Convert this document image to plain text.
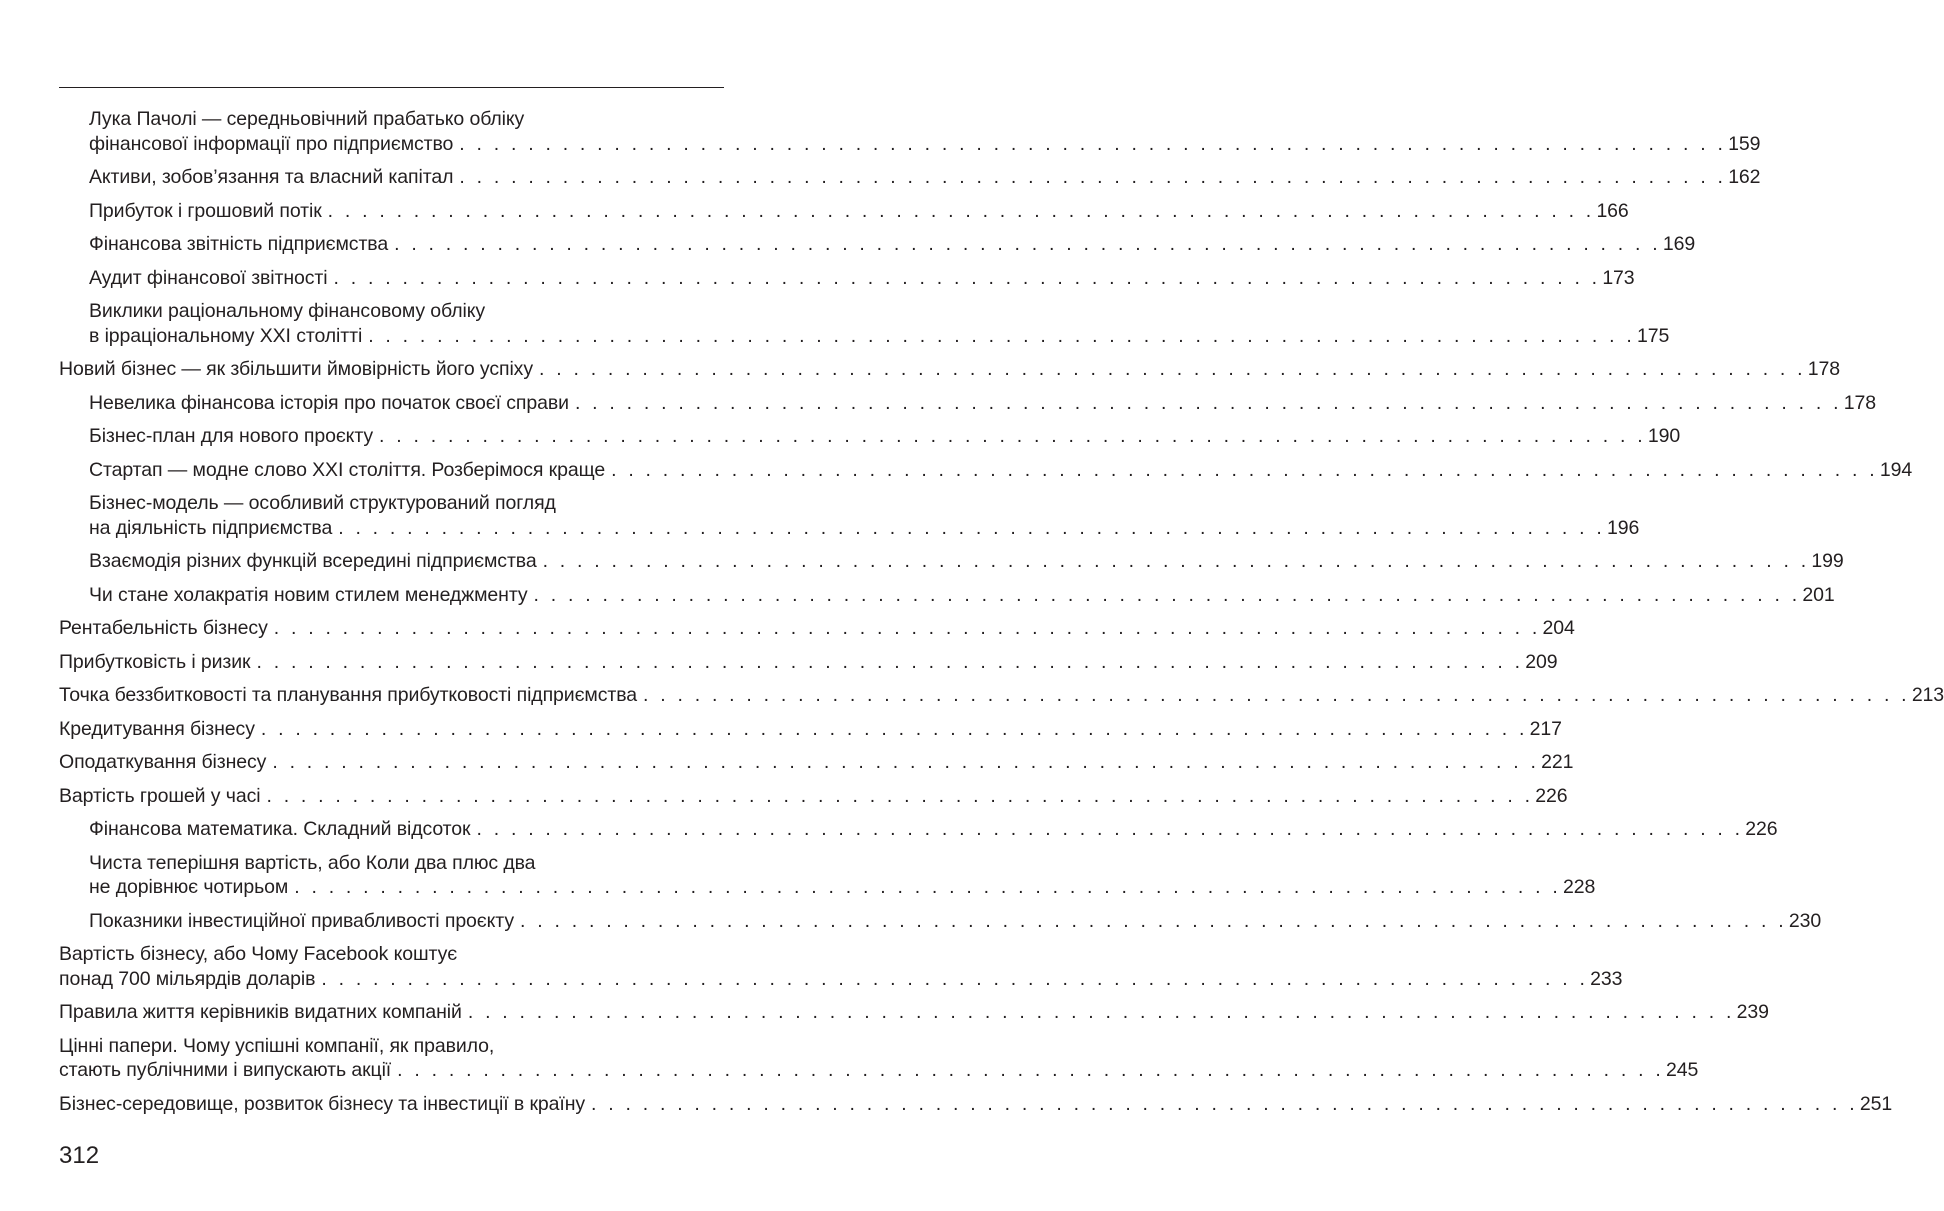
Лука Пачолі — середньовічний прабатько обліку
фінансової інформації про підприємство . . . . . . . . . . . . . . . . . . . . . . . . . . . . . . . . . . . . . . . . . . . . . . . . . . . . . . . . . . . . . . . . . . . . . . . . . . 159
Активи, зобов’язання та власний капітал . . . . . . . . . . . . . . . . . . . . . . . . . . . . . . . . . . . . . . . . . . . . . . . . . . . . . . . . . . . . . . . . . . . . . . . . . . 162
Прибуток і грошовий потік . . . . . . . . . . . . . . . . . . . . . . . . . . . . . . . . . . . . . . . . . . . . . . . . . . . . . . . . . . . . . . . . . . . . . . . . . . 166
Фінансова звітність підприємства . . . . . . . . . . . . . . . . . . . . . . . . . . . . . . . . . . . . . . . . . . . . . . . . . . . . . . . . . . . . . . . . . . . . . . . . . . 169
Аудит фінансової звітності . . . . . . . . . . . . . . . . . . . . . . . . . . . . . . . . . . . . . . . . . . . . . . . . . . . . . . . . . . . . . . . . . . . . . . . . . . 173
Виклики раціональному фінансовому обліку
в ірраціональному ХХІ столітті . . . . . . . . . . . . . . . . . . . . . . . . . . . . . . . . . . . . . . . . . . . . . . . . . . . . . . . . . . . . . . . . . . . . . . . . . . 175
Новий бізнес — як збільшити ймовірність його успіху . . . . . . . . . . . . . . . . . . . . . . . . . . . . . . . . . . . . . . . . . . . . . . . . . . . . . . . . . . . . . . . . . . . . . . . . . . 178
Невелика фінансова історія про початок своєї справи . . . . . . . . . . . . . . . . . . . . . . . . . . . . . . . . . . . . . . . . . . . . . . . . . . . . . . . . . . . . . . . . . . . . . . . . . . 178
Бізнес-план для нового проєкту . . . . . . . . . . . . . . . . . . . . . . . . . . . . . . . . . . . . . . . . . . . . . . . . . . . . . . . . . . . . . . . . . . . . . . . . . . 190
Стартап — модне слово ХХІ століття. Розберімося краще . . . . . . . . . . . . . . . . . . . . . . . . . . . . . . . . . . . . . . . . . . . . . . . . . . . . . . . . . . . . . . . . . . . . . . . . . . 194
Бізнес-модель — особливий структурований погляд
на діяльність підприємства . . . . . . . . . . . . . . . . . . . . . . . . . . . . . . . . . . . . . . . . . . . . . . . . . . . . . . . . . . . . . . . . . . . . . . . . . . 196
Взаємодія різних функцій всередині підприємства . . . . . . . . . . . . . . . . . . . . . . . . . . . . . . . . . . . . . . . . . . . . . . . . . . . . . . . . . . . . . . . . . . . . . . . . . . 199
Чи стане холакратія новим стилем менеджменту . . . . . . . . . . . . . . . . . . . . . . . . . . . . . . . . . . . . . . . . . . . . . . . . . . . . . . . . . . . . . . . . . . . . . . . . . . 201
Рентабельність бізнесу . . . . . . . . . . . . . . . . . . . . . . . . . . . . . . . . . . . . . . . . . . . . . . . . . . . . . . . . . . . . . . . . . . . . . . . . . . 204
Прибутковість і ризик . . . . . . . . . . . . . . . . . . . . . . . . . . . . . . . . . . . . . . . . . . . . . . . . . . . . . . . . . . . . . . . . . . . . . . . . . . 209
Точка беззбитковості та планування прибутковості підприємства . . . . . . . . . . . . . . . . . . . . . . . . . . . . . . . . . . . . . . . . . . . . . . . . . . . . . . . . . . . . . . . . . . . . . . . . . . 213
Кредитування бізнесу . . . . . . . . . . . . . . . . . . . . . . . . . . . . . . . . . . . . . . . . . . . . . . . . . . . . . . . . . . . . . . . . . . . . . . . . . . 217
Оподаткування бізнесу . . . . . . . . . . . . . . . . . . . . . . . . . . . . . . . . . . . . . . . . . . . . . . . . . . . . . . . . . . . . . . . . . . . . . . . . . . 221
Вартість грошей у часі . . . . . . . . . . . . . . . . . . . . . . . . . . . . . . . . . . . . . . . . . . . . . . . . . . . . . . . . . . . . . . . . . . . . . . . . . . 226
Фінансова математика. Складний відсоток . . . . . . . . . . . . . . . . . . . . . . . . . . . . . . . . . . . . . . . . . . . . . . . . . . . . . . . . . . . . . . . . . . . . . . . . . . 226
Чиста теперішня вартість, або Коли два плюс два
не дорівнює чотирьом . . . . . . . . . . . . . . . . . . . . . . . . . . . . . . . . . . . . . . . . . . . . . . . . . . . . . . . . . . . . . . . . . . . . . . . . . . 228
Показники інвестиційної привабливості проєкту . . . . . . . . . . . . . . . . . . . . . . . . . . . . . . . . . . . . . . . . . . . . . . . . . . . . . . . . . . . . . . . . . . . . . . . . . . 230
Вартість бізнесу, або Чому Facebook коштує
понад 700 мільярдів доларів . . . . . . . . . . . . . . . . . . . . . . . . . . . . . . . . . . . . . . . . . . . . . . . . . . . . . . . . . . . . . . . . . . . . . . . . . . 233
Правила життя керівників видатних компаній . . . . . . . . . . . . . . . . . . . . . . . . . . . . . . . . . . . . . . . . . . . . . . . . . . . . . . . . . . . . . . . . . . . . . . . . . . 239
Цінні папери. Чому успішні компанії, як правило,
стають публічними і випускають акції . . . . . . . . . . . . . . . . . . . . . . . . . . . . . . . . . . . . . . . . . . . . . . . . . . . . . . . . . . . . . . . . . . . . . . . . . . 245
Бізнес-середовище, розвиток бізнесу та інвестиції в країну . . . . . . . . . . . . . . . . . . . . . . . . . . . . . . . . . . . . . . . . . . . . . . . . . . . . . . . . . . . . . . . . . . . . . . . . . . 251
312
